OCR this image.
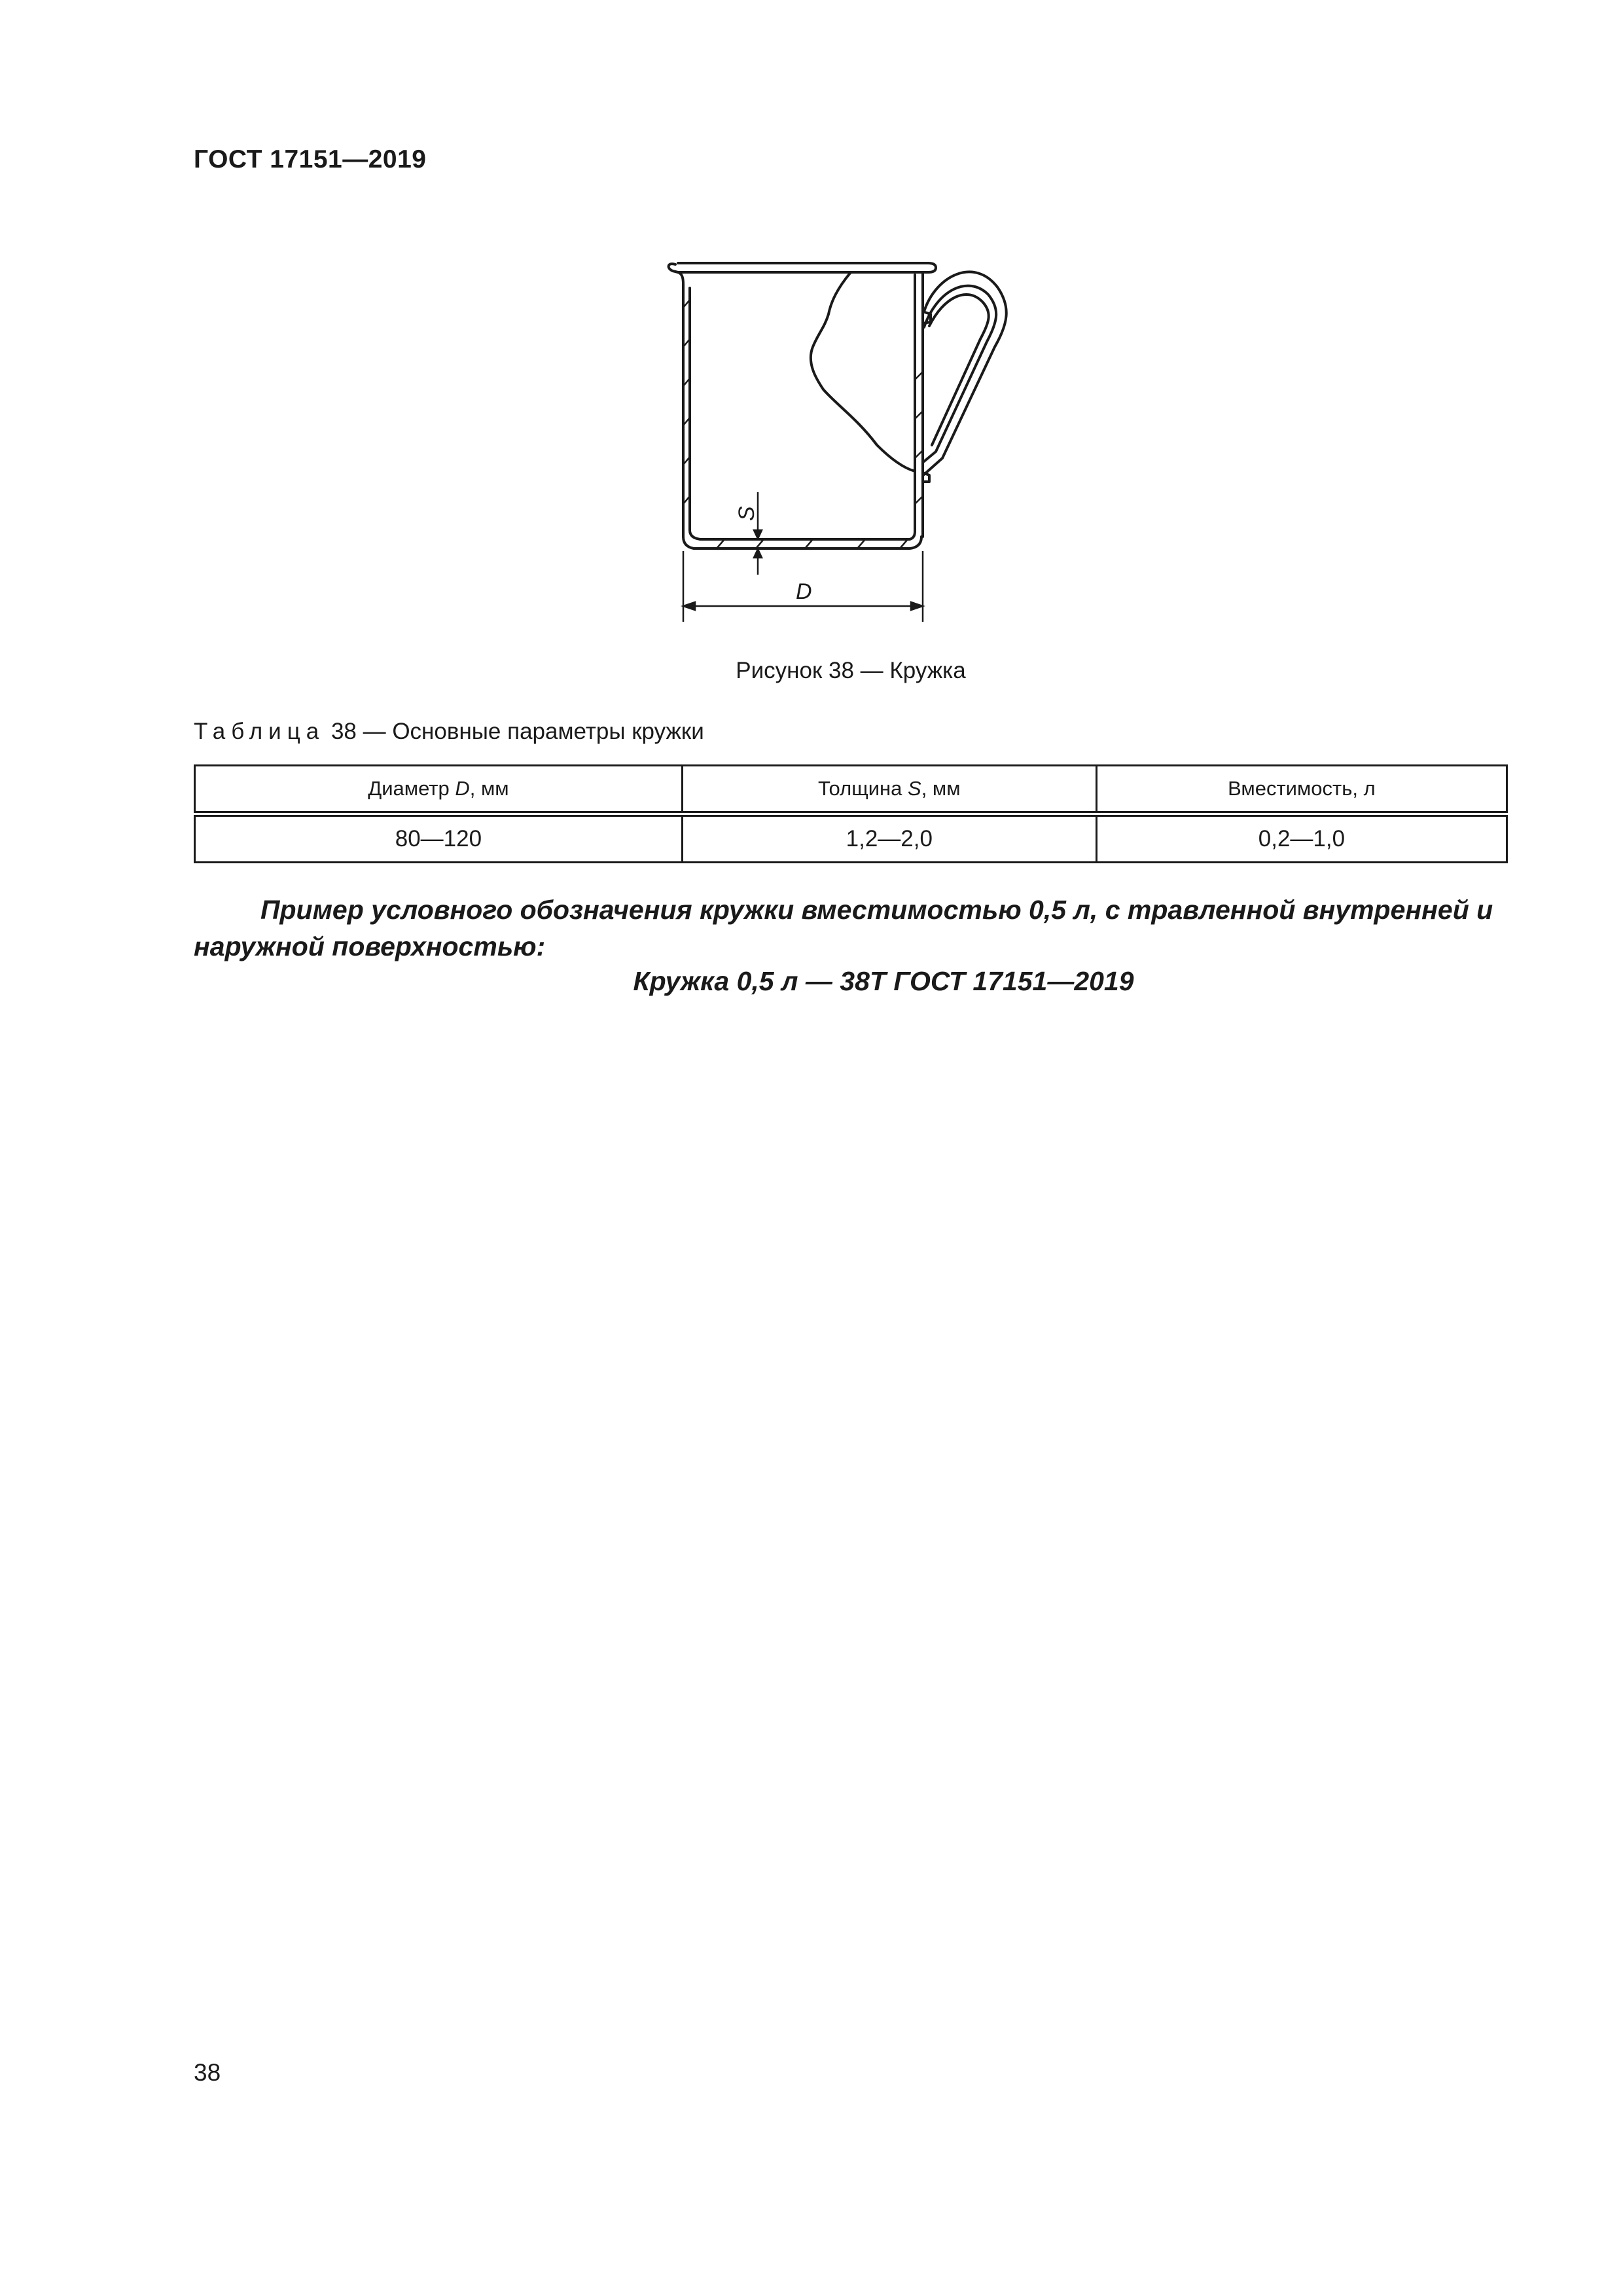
ГОСТ 17151—2019
S
D
Рисунок 38 — Кружка
Таблица 38 — Основные параметры кружки
Диаметр D, мм	Толщина S, мм	Вместимость, л
80—120	1,2—2,0	0,2—1,0
Пример условного обозначения кружки вместимостью 0,5 л, с травленной внутренней и наружной поверхностью:
Кружка 0,5 л — 38Т ГОСТ 17151—2019
38
